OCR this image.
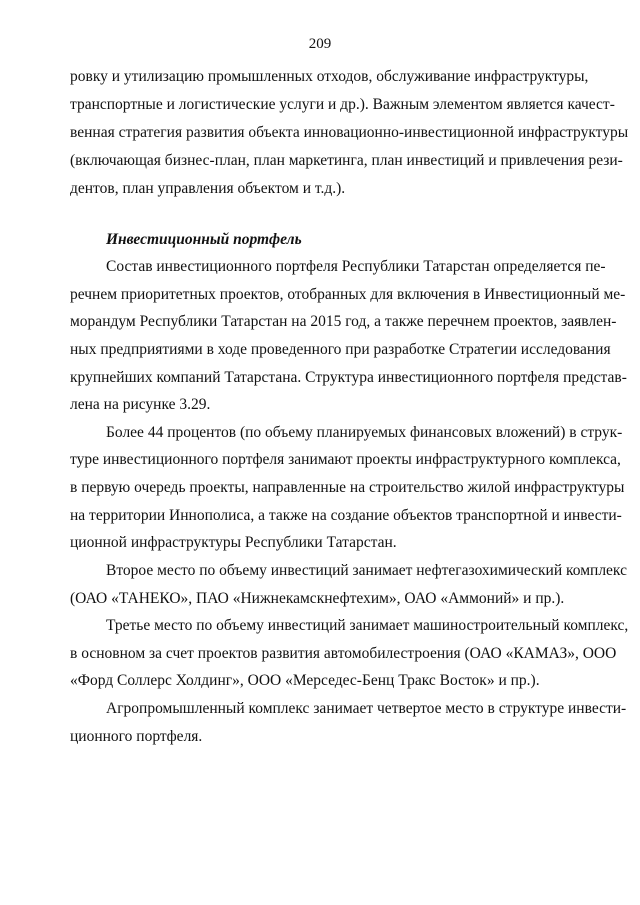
209
ровку и утилизацию промышленных отходов, обслуживание инфраструктуры,
транспортные и логистические услуги и др.). Важным элементом является качест-
венная стратегия развития объекта инновационно-инвестиционной инфраструктуры
(включающая бизнес-план, план маркетинга, план инвестиций и привлечения рези-
дентов, план управления объектом и т.д.).
Инвестиционный портфель
Состав инвестиционного портфеля Республики Татарстан определяется пе-
речнем приоритетных проектов, отобранных для включения в Инвестиционный ме-
морандум Республики Татарстан на 2015 год, а также перечнем проектов, заявлен-
ных предприятиями в ходе проведенного при разработке Стратегии исследования
крупнейших компаний Татарстана. Структура инвестиционного портфеля представ-
лена на рисунке 3.29.
Более 44 процентов (по объему планируемых финансовых вложений) в струк-
туре инвестиционного портфеля занимают проекты инфраструктурного комплекса,
в первую очередь проекты, направленные на строительство жилой инфраструктуры
на территории Иннополиса, а также на создание объектов транспортной и инвести-
ционной инфраструктуры Республики Татарстан.
Второе место по объему инвестиций занимает нефтегазохимический комплекс
(ОАО «ТАНЕКО», ПАО «Нижнекамскнефтехим», ОАО «Аммоний» и пр.).
Третье место по объему инвестиций занимает машиностроительный комплекс,
в основном за счет проектов развития автомобилестроения (ОАО «КАМАЗ», ООО
«Форд Соллерс Холдинг», ООО «Мерседес-Бенц Тракс Восток» и пр.).
Агропромышленный комплекс занимает четвертое место в структуре инвести-
ционного портфеля.
